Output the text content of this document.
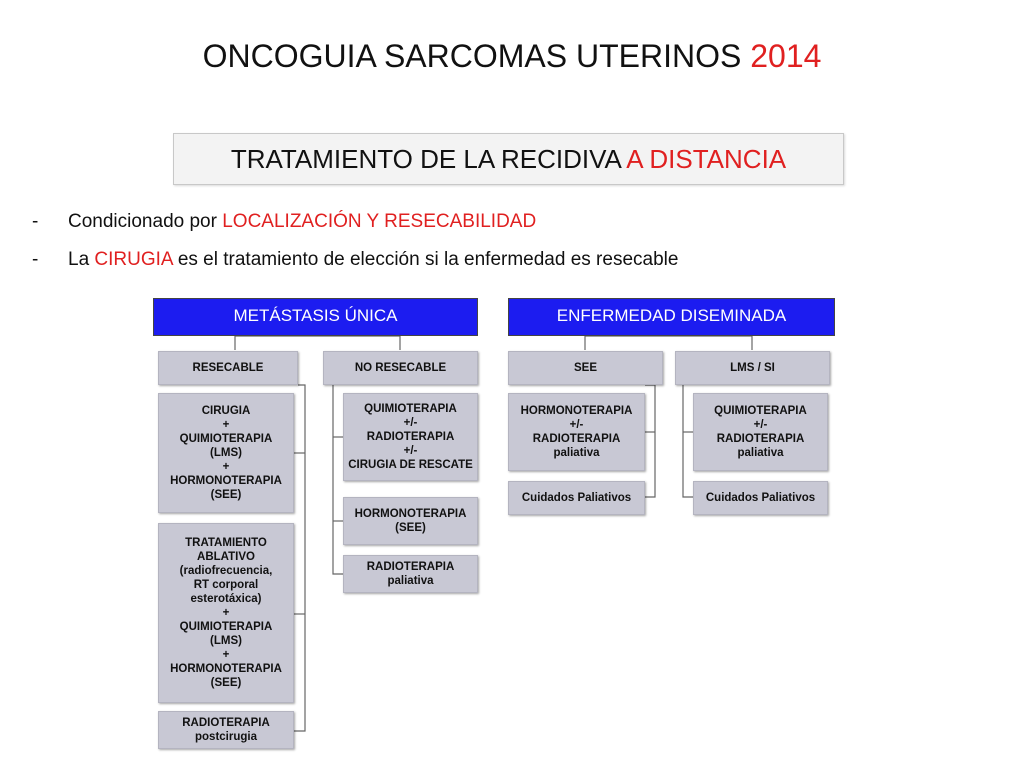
ONCOGUIA SARCOMAS UTERINOS 2014
TRATAMIENTO DE LA RECIDIVA A DISTANCIA
- Condicionado por LOCALIZACIÓN Y RESECABILIDAD
- La CIRUGIA es el tratamiento de elección si la enfermedad es resecable
METÁSTASIS ÚNICA	ENFERMEDAD DISEMINADA
RESECABLE	NO RESECABLE	SEE	LMS / SI
CIRUGIA
+
QUIMIOTERAPIA
(LMS)
+
HORMONOTERAPIA
(SEE)
TRATAMIENTO
ABLATIVO
(radiofrecuencia,
RT corporal
esterotáxica)
+
QUIMIOTERAPIA
(LMS)
+
HORMONOTERAPIA
(SEE)
RADIOTERAPIA
postcirugia
QUIMIOTERAPIA
+/-
RADIOTERAPIA
+/-
CIRUGIA DE RESCATE
HORMONOTERAPIA
(SEE)
RADIOTERAPIA
paliativa
HORMONOTERAPIA
+/-
RADIOTERAPIA
paliativa
Cuidados Paliativos
QUIMIOTERAPIA
+/-
RADIOTERAPIA
paliativa
Cuidados Paliativos
